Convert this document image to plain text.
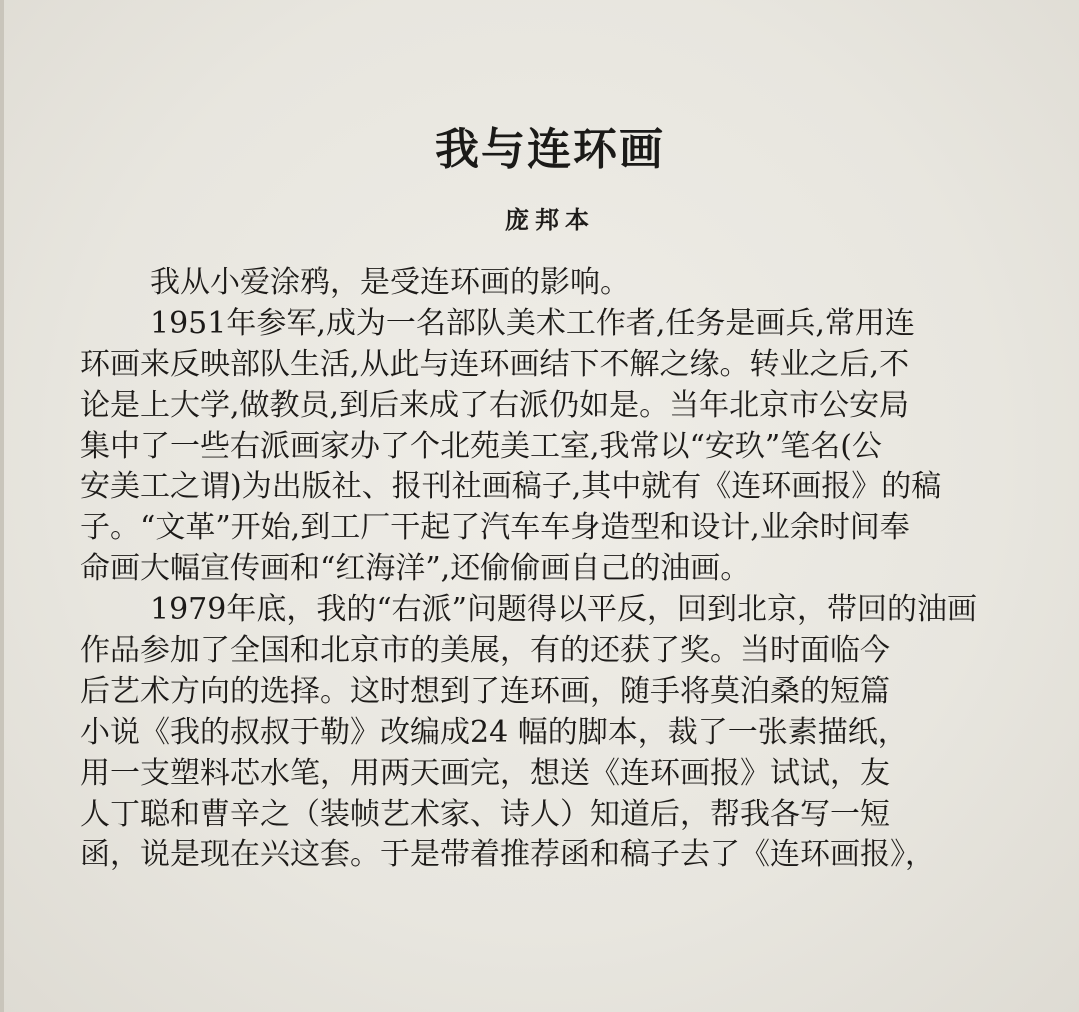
我与连环画
庞邦本
我从小爱涂鸦，是受连环画的影响。
1951年参军,成为一名部队美术工作者,任务是画兵,常用连
环画来反映部队生活,从此与连环画结下不解之缘。转业之后,不
论是上大学,做教员,到后来成了右派仍如是。当年北京市公安局
集中了一些右派画家办了个北苑美工室,我常以“安玖”笔名(公
安美工之谓)为出版社、报刊社画稿子,其中就有《连环画报》的稿
子。“文革”开始,到工厂干起了汽车车身造型和设计,业余时间奉
命画大幅宣传画和“红海洋”,还偷偷画自己的油画。
1979年底，我的“右派”问题得以平反，回到北京，带回的油画
作品参加了全国和北京市的美展，有的还获了奖。当时面临今
后艺术方向的选择。这时想到了连环画，随手将莫泊桑的短篇
小说《我的叔叔于勒》改编成24 幅的脚本，裁了一张素描纸，
用一支塑料芯水笔，用两天画完，想送《连环画报》试试，友
人丁聪和曹辛之（装帧艺术家、诗人）知道后，帮我各写一短
函，说是现在兴这套。于是带着推荐函和稿子去了《连环画报》，
